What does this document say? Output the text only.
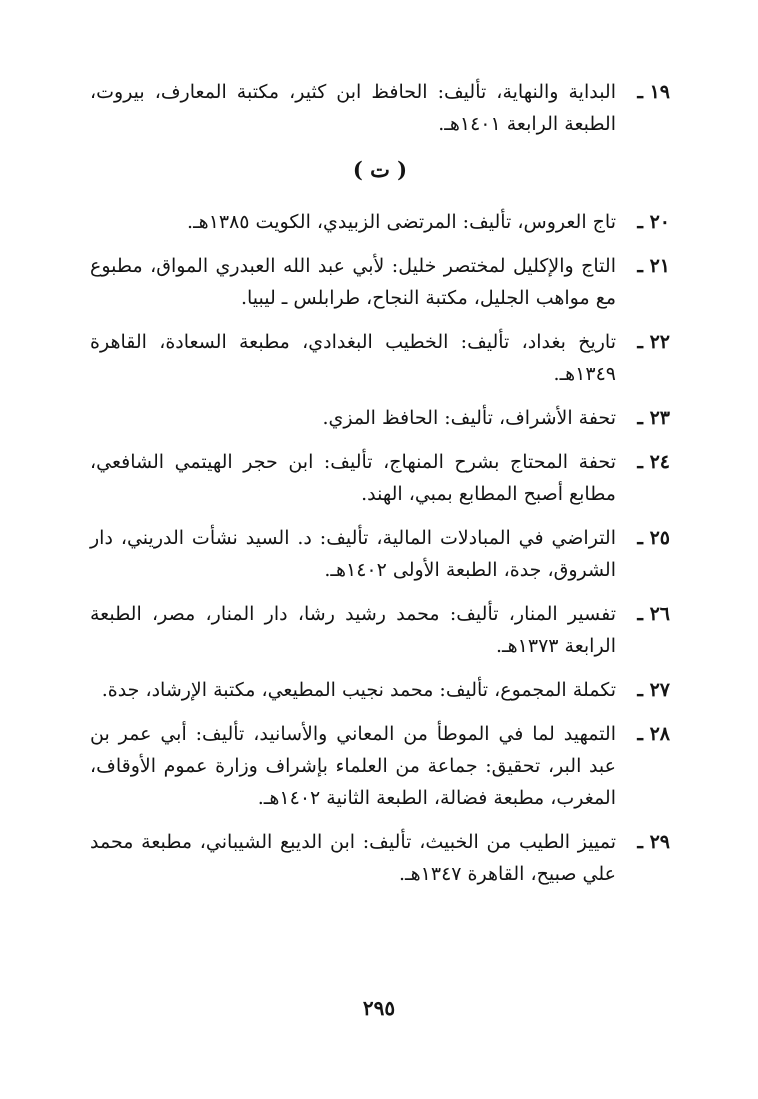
١٩ ـ
البداية والنهاية، تأليف: الحافظ ابن كثير، مكتبة المعارف، بيروت، الطبعة الرابعة ١٤٠١هـ.
( ت )
٢٠ ـ
تاج العروس، تأليف: المرتضى الزبيدي، الكويت ١٣٨٥هـ.
٢١ ـ
التاج والإكليل لمختصر خليل: لأبي عبد الله العبدري المواق، مطبوع مع مواهب الجليل، مكتبة النجاح، طرابلس ـ ليبيا.
٢٢ ـ
تاريخ بغداد، تأليف: الخطيب البغدادي، مطبعة السعادة، القاهرة ١٣٤٩هـ.
٢٣ ـ
تحفة الأشراف، تأليف: الحافظ المزي.
٢٤ ـ
تحفة المحتاج بشرح المنهاج، تأليف: ابن حجر الهيتمي الشافعي، مطابع أصبح المطابع بمبي، الهند.
٢٥ ـ
التراضي في المبادلات المالية، تأليف: د. السيد نشأت الدريني، دار الشروق، جدة، الطبعة الأولى ١٤٠٢هـ.
٢٦ ـ
تفسير المنار، تأليف: محمد رشيد رشا، دار المنار، مصر، الطبعة الرابعة ١٣٧٣هـ.
٢٧ ـ
تكملة المجموع، تأليف: محمد نجيب المطيعي، مكتبة الإرشاد، جدة.
٢٨ ـ
التمهيد لما في الموطأ من المعاني والأسانيد، تأليف: أبي عمر بن عبد البر، تحقيق: جماعة من العلماء بإشراف وزارة عموم الأوقاف، المغرب، مطبعة فضالة، الطبعة الثانية ١٤٠٢هـ.
٢٩ ـ
تمييز الطيب من الخبيث، تأليف: ابن الديبع الشيباني، مطبعة محمد علي صبيح، القاهرة ١٣٤٧هـ.
٢٩٥
